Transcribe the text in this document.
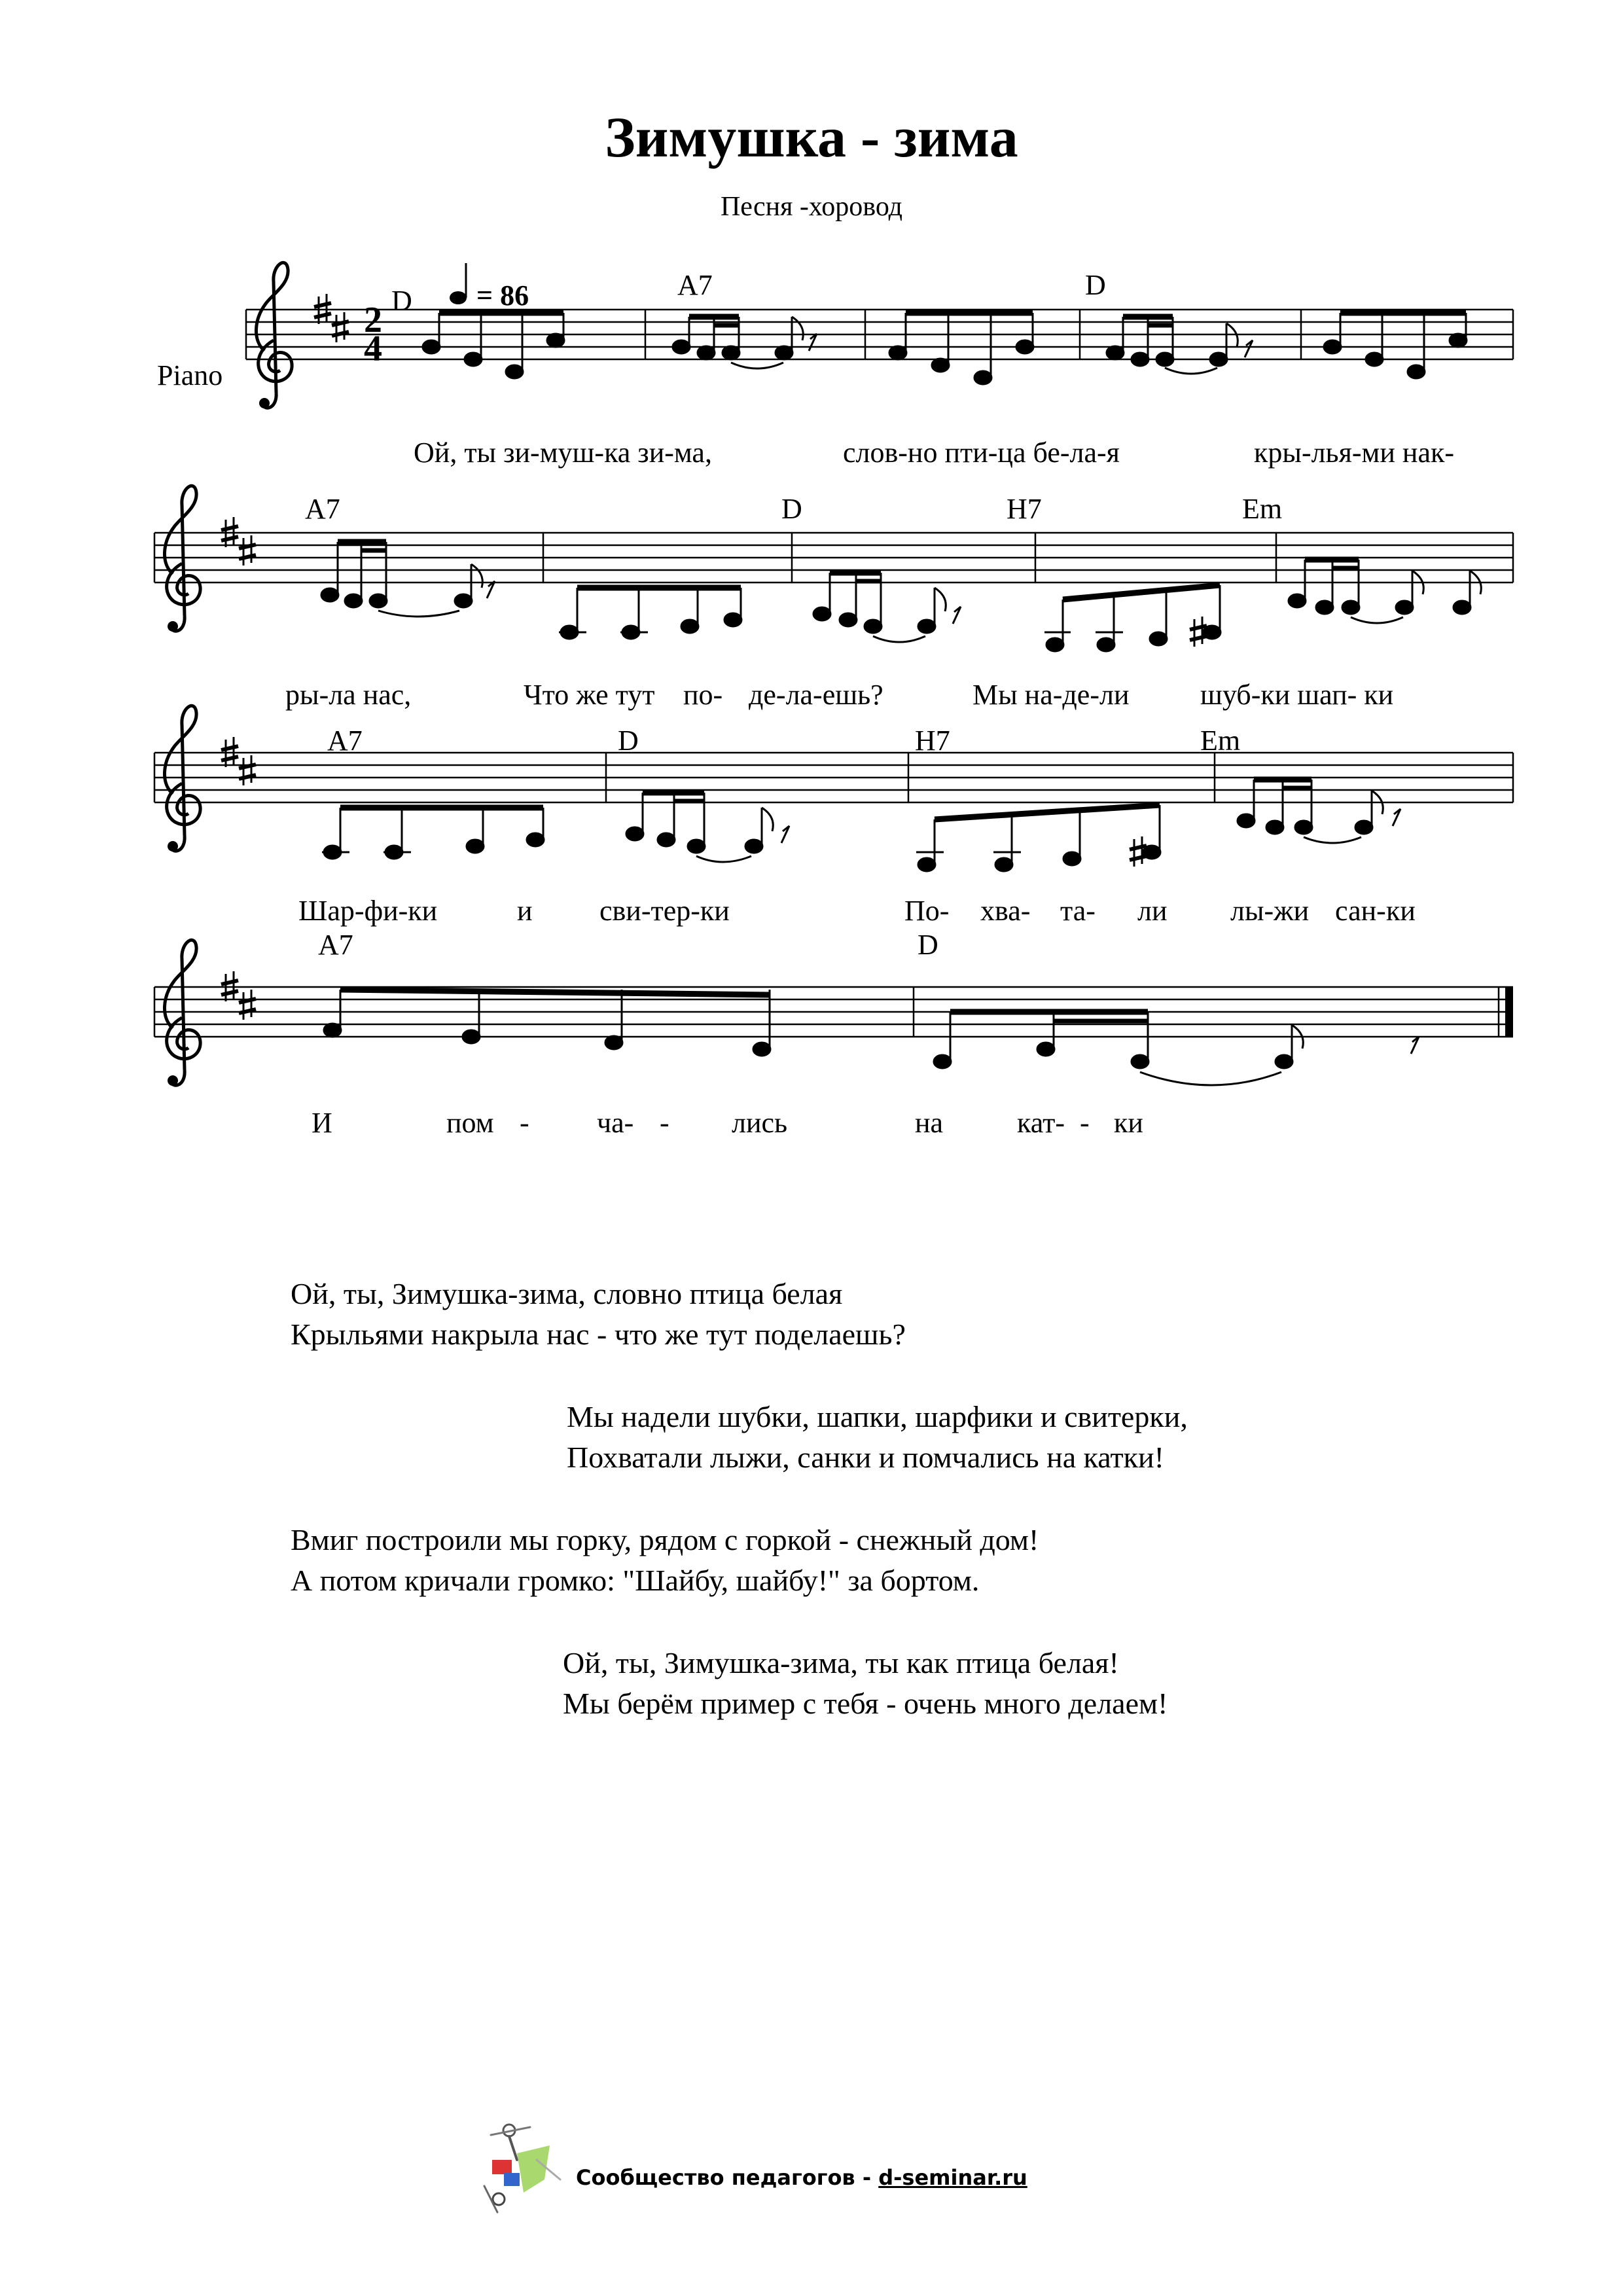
Зимушка - зима
Песня -хоровод
2
4
= 86
Piano
D	A7	D
Ой, ты зи-муш-ка зи-ма,	слов-но пти-ца бе-ла-я	кры-лья-ми нак-
A7	D	H7	Em
ры-ла нас,	Что же тут по- де-ла-ешь?	Мы на-де-ли шуб-ки шап- ки
A7	D	H7	Em
Шар-фи-ки	и сви-тер-ки	По- хва- та- ли лы-жи сан- ки
A7	D
И	пом - ча- - лись	на	кат- - ки
Ой, ты, Зимушка-зима, словно птица белая
Крыльями накрыла нас - что же тут поделаешь?
Мы надели шубки, шапки, шарфики и свитерки,
Похватали лыжи, санки и помчались на катки!
Вмиг построили мы горку, рядом с горкой - снежный дом!
А потом кричали громко: "Шайбу, шайбу!" за бортом.
Ой, ты, Зимушка-зима, ты как птица белая!
Мы берём пример с тебя - очень много делаем!
Сообщество педагогов - d-seminar.ru
